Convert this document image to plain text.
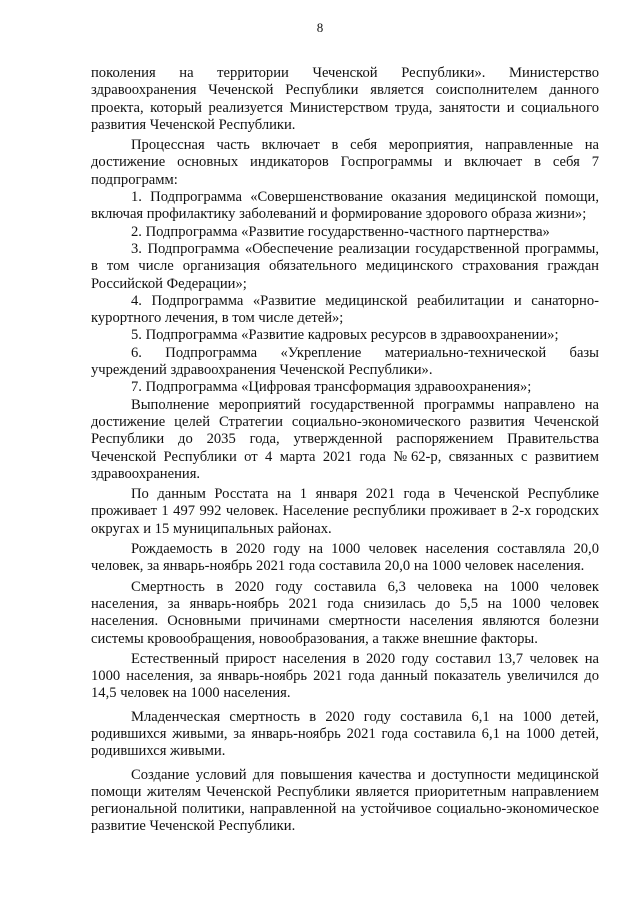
8

поколения на территории Чеченской Республики». Министерство здравоохранения Чеченской Республики является соисполнителем данного проекта, который реализуется Министерством труда, занятости и социального развития Чеченской Республики.

Процессная часть включает в себя мероприятия, направленные на достижение основных индикаторов Госпрограммы и включает в себя 7 подпрограмм:

1. Подпрограмма «Совершенствование оказания медицинской помощи, включая профилактику заболеваний и формирование здорового образа жизни»;

2. Подпрограмма «Развитие государственно-частного партнерства»

3. Подпрограмма «Обеспечение реализации государственной программы, в том числе организация обязательного медицинского страхования граждан Российской Федерации»;

4. Подпрограмма «Развитие медицинской реабилитации и санаторно-курортного лечения, в том числе детей»;

5. Подпрограмма «Развитие кадровых ресурсов в здравоохранении»;

6. Подпрограмма «Укрепление материально-технической базы учреждений здравоохранения Чеченской Республики».

7. Подпрограмма «Цифровая трансформация здравоохранения»;

Выполнение мероприятий государственной программы направлено на достижение целей Стратегии социально-экономического развития Чеченской Республики до 2035 года, утвержденной распоряжением Правительства Чеченской Республики от 4 марта 2021 года №62-р, связанных с развитием здравоохранения.

По данным Росстата на 1 января 2021 года в Чеченской Республике проживает 1 497 992 человек. Население республики проживает в 2-х городских округах и 15 муниципальных районах.

Рождаемость в 2020 году на 1000 человек населения составляла 20,0 человек, за январь-ноябрь 2021 года составила 20,0 на 1000 человек населения.

Смертность в 2020 году составила 6,3 человека на 1000 человек населения, за январь-ноябрь 2021 года снизилась до 5,5 на 1000 человек населения. Основными причинами смертности населения являются болезни системы кровообращения, новообразования, а также внешние факторы.

Естественный прирост населения в 2020 году составил 13,7 человек на 1000 населения, за январь-ноябрь 2021 года данный показатель увеличился до 14,5 человек на 1000 населения.

Младенческая смертность в 2020 году составила 6,1 на 1000 детей, родившихся живыми, за январь-ноябрь 2021 года составила 6,1 на 1000 детей, родившихся живыми.

Создание условий для повышения качества и доступности медицинской помощи жителям Чеченской Республики является приоритетным направлением региональной политики, направленной на устойчивое социально-экономическое развитие Чеченской Республики.
